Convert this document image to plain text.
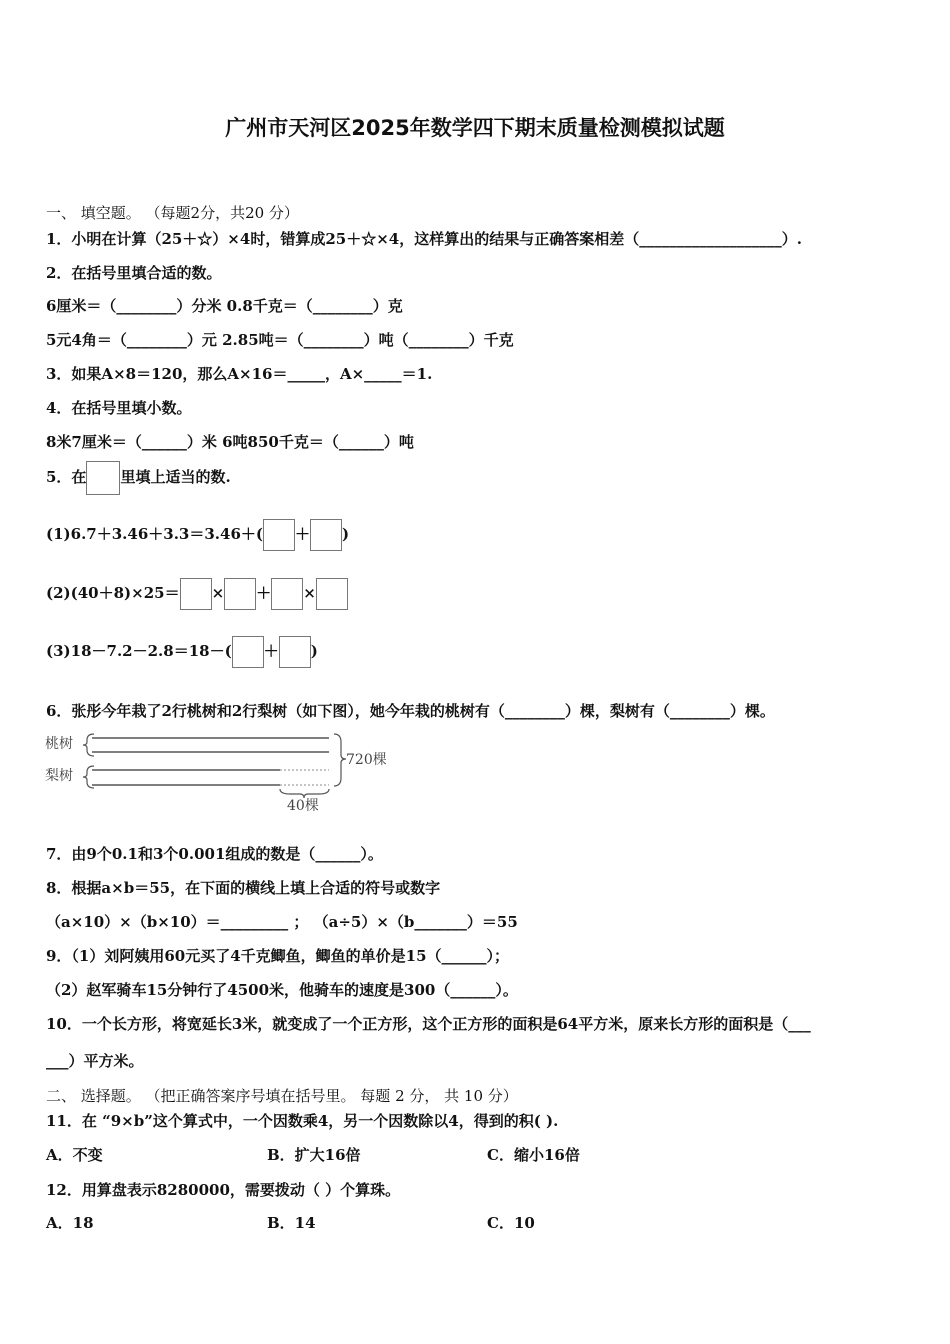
广州市天河区2025年数学四下期末质量检测模拟试题
一、 填空题。 （每题2分，共20 分）
1．小明在计算（25＋☆）×4时，错算成25＋☆×4，这样算出的结果与正确答案相差（___________________）.
2．在括号里填合适的数。
6厘米＝（________）分米 0.8千克＝（________）克
5元4角＝（________）元 2.85吨＝（________）吨（________）千克
3．如果A×8＝120，那么A×16＝_____，A×_____＝1.
4．在括号里填小数。
8米7厘米＝（______）米 6吨850千克＝（______）吨
5．在 里填上适当的数.
(1)6.7＋3.46＋3.3＝3.46＋( ＋ )
(2)(40＋8)×25＝ × ＋ ×
(3)18－7.2－2.8＝18－( ＋ )
6．张彤今年栽了2行桃树和2行梨树（如下图），她今年栽的桃树有（________）棵，梨树有（________）棵。
桃树
梨树
720棵
40棵
7．由9个0.1和3个0.001组成的数是（______）。
8．根据a×b＝55，在下面的横线上填上合适的符号或数字
（a×10）×（b×10）＝_________ ； （a÷5）×（b_______）＝55
9．（1）刘阿姨用60元买了4千克鲫鱼，鲫鱼的单价是15（______）；
（2）赵军骑车15分钟行了4500米，他骑车的速度是300（______）。
10．一个长方形，将宽延长3米，就变成了一个正方形，这个正方形的面积是64平方米，原来长方形的面积是（___
___）平方米。
二、 选择题。 （把正确答案序号填在括号里。 每题 2 分， 共 10 分）
11．在 “9×b”这个算式中，一个因数乘4，另一个因数除以4，得到的积( ).
A．不变	B．扩大16倍	C．缩小16倍
12．用算盘表示8280000，需要拨动（ ）个算珠。
A．18	B．14	C．10
